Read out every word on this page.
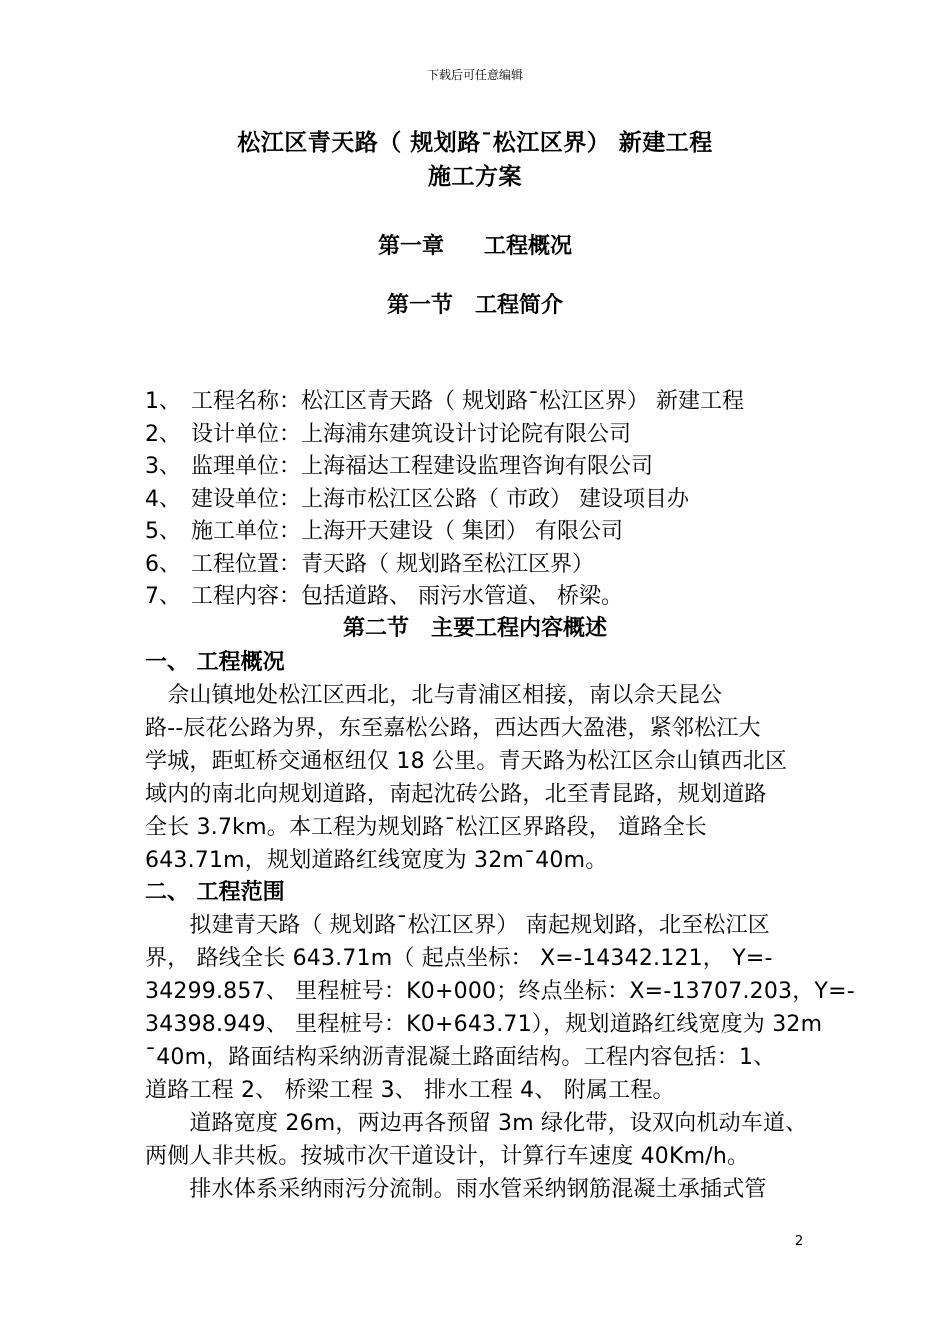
下载后可任意编辑
松江区青天路（ 规划路¯松江区界） 新建工程
施工方案
第一章 工程概况
第一节 工程简介
1、 工程名称：松江区青天路（ 规划路¯松江区界） 新建工程
2、 设计单位：上海浦东建筑设计讨论院有限公司
3、 监理单位：上海福达工程建设监理咨询有限公司
4、 建设单位：上海市松江区公路（ 市政） 建设项目办
5、 施工单位：上海开天建设（ 集团） 有限公司
6、 工程位置：青天路（ 规划路至松江区界）
7、 工程内容：包括道路、 雨污水管道、 桥梁。
第二节 主要工程内容概述
一、 工程概况
　佘山镇地处松江区西北，北与青浦区相接，南以佘天昆公
路--辰花公路为界，东至嘉松公路，西达西大盈港，紧邻松江大
学城，距虹桥交通枢纽仅 18 公里。青天路为松江区佘山镇西北区
域内的南北向规划道路，南起沈砖公路，北至青昆路，规划道路
全长 3.7km。本工程为规划路¯松江区界路段， 道路全长
643.71m，规划道路红线宽度为 32m¯40m。
二、 工程范围
　　拟建青天路（ 规划路¯松江区界） 南起规划路，北至松江区
界， 路线全长 643.71m（ 起点坐标： X=-14342.121， Y=-
34299.857、 里程桩号：K0+000；终点坐标：X=-13707.203，Y=-
34398.949、 里程桩号：K0+643.71），规划道路红线宽度为 32m
¯40m，路面结构采纳沥青混凝土路面结构。工程内容包括：1、
道路工程 2、 桥梁工程 3、 排水工程 4、 附属工程。
　　道路宽度 26m，两边再各预留 3m 绿化带，设双向机动车道、
两侧人非共板。按城市次干道设计，计算行车速度 40Km/h。
　　排水体系采纳雨污分流制。雨水管采纳钢筋混凝土承插式管
2
